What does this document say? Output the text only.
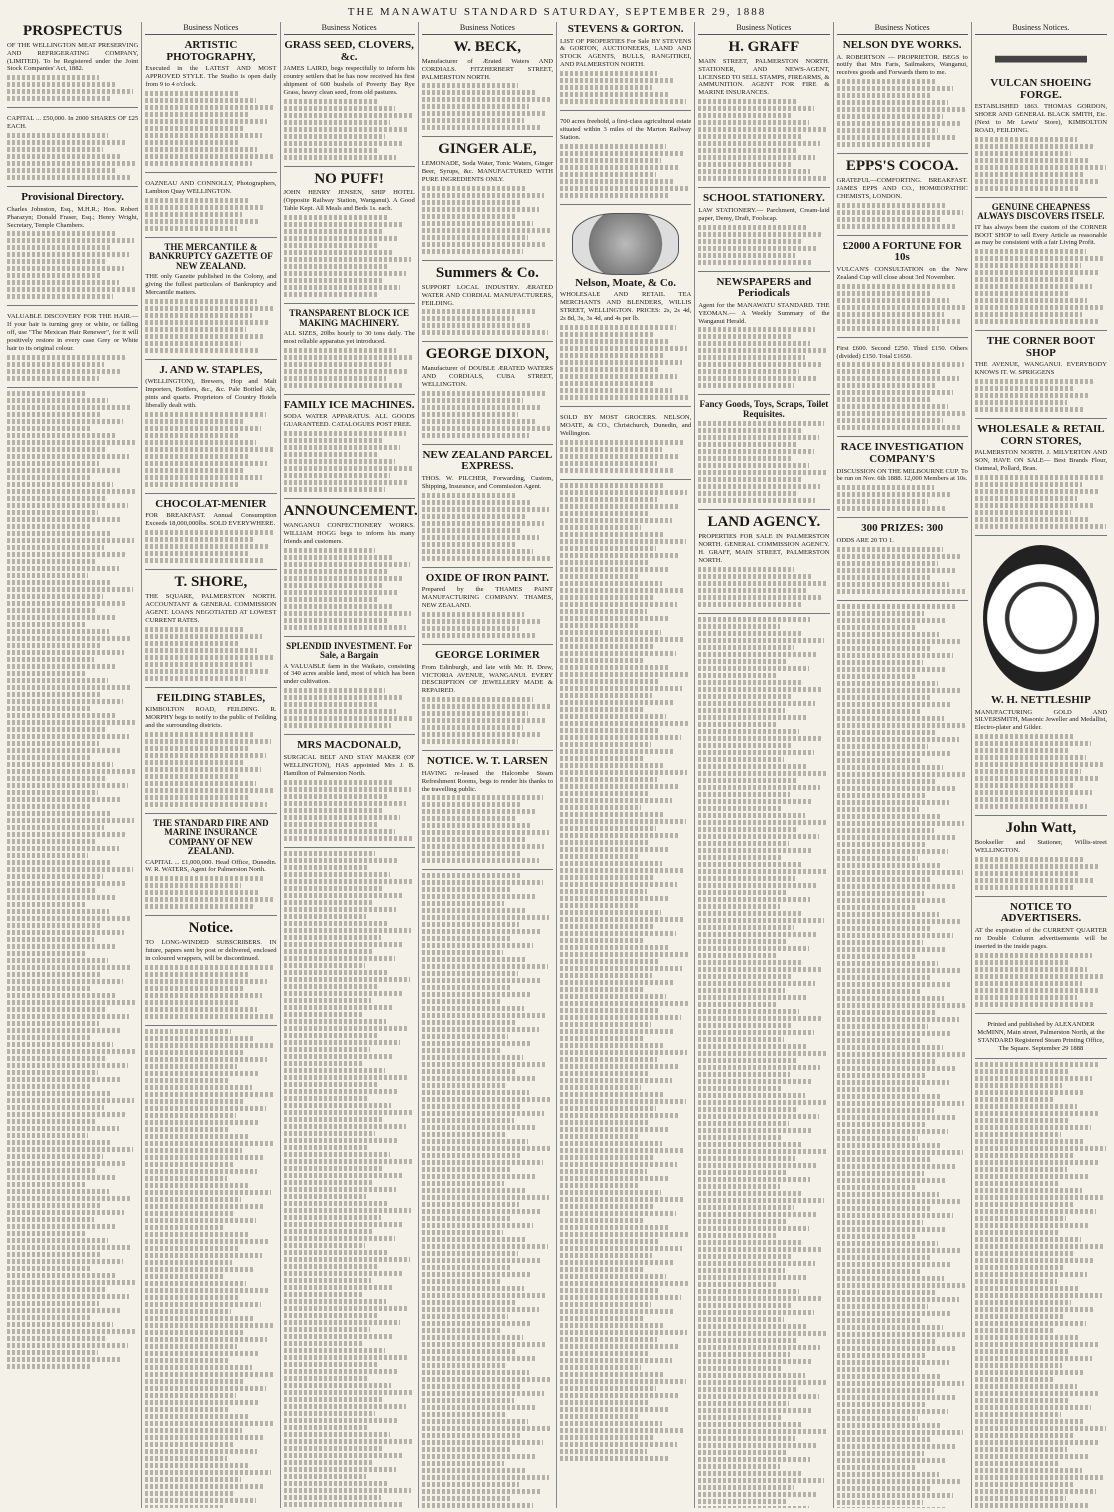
THE MANAWATU STANDARD SATURDAY, SEPTEMBER 29, 1888
PROSPECTUS
OF THE WELLINGTON MEAT PRESERVING AND REFRIGERATING COMPANY, (LIMITED). To be Registered under the Joint Stock Companies' Act, 1882.
CAPITAL ... £50,000. In 2000 SHARES OF £25 EACH.
Provisional Directory.
Charles Johnston, Esq., M.H.R.; Hon. Robert Pharazyn; Donald Fraser, Esq.; Henry Wright, Secretary, Temple Chambers.
VALUABLE DISCOVERY FOR THE HAIR.—If your hair is turning grey or white, or falling off, use "The Mexican Hair Renewer", for it will positively restore in every case Grey or White hair to its original colour.
Business Notices
ARTISTIC PHOTOGRAPHY,
Executed in the LATEST AND MOST APPROVED STYLE. The Studio is open daily from 9 to 4 o'clock.
OAZNEAU AND CONNOLLY, Photographers, Lambton Quay WELLINGTON.
THE MERCANTILE & BANKRUPTCY GAZETTE OF NEW ZEALAND.
THE only Gazette published in the Colony, and giving the fullest particulars of Bankruptcy and Mercantile matters.
J. AND W. STAPLES,
(WELLINGTON), Brewers, Hop and Malt Importers, Bottlers, &c., &c. Pale Bottled Ale, pints and quarts. Proprietors of Country Hotels liberally dealt with.
CHOCOLAT-MENIER
FOR BREAKFAST. Annual Consumption Exceeds 18,000,000lbs. SOLD EVERYWHERE.
T. SHORE,
THE SQUARE, PALMERSTON NORTH. ACCOUNTANT & GENERAL COMMISSION AGENT. LOANS NEGOTIATED AT LOWEST CURRENT RATES.
FEILDING STABLES,
KIMBOLTON ROAD, FEILDING. R. MORPHY begs to notify to the public of Feilding and the surrounding districts.
THE STANDARD FIRE AND MARINE INSURANCE COMPANY OF NEW ZEALAND.
CAPITAL ... £1,000,000. Head Office, Dunedin. W. R. WATERS, Agent for Palmerston North.
Notice.
TO LONG-WINDED SUBSCRIBERS. IN future, papers sent by post or delivered, enclosed in coloured wrappers, will be discontinued.
Business Notices
GRASS SEED, CLOVERS, &c.
JAMES LAIRD, begs respectfully to inform his country settlers that he has now received his first shipment of 600 bushels of Poverty Bay Rye Grass, heavy clean seed, from old pastures.
NO PUFF!
JOHN HENRY JENSEN, SHIP HOTEL (Opposite Railway Station, Wanganui). A Good Table Kept. All Meals and Beds 1s. each.
TRANSPARENT BLOCK ICE MAKING MACHINERY.
ALL SIZES, 20lbs hourly to 30 tons daily. The most reliable apparatus yet introduced.
FAMILY ICE MACHINES.
SODA WATER APPARATUS. ALL GOODS GUARANTEED. CATALOGUES POST FREE.
ANNOUNCEMENT.
WANGANUI CONFECTIONERY WORKS. WILLIAM HOGG begs to inform his many friends and customers.
SPLENDID INVESTMENT. For Sale, a Bargain
A VALUABLE farm in the Waikato, consisting of 340 acres arable land, most of which has been under cultivation.
MRS MACDONALD,
SURGICAL BELT AND STAY MAKER (OF WELLINGTON), HAS appointed Mrs J. B. Hamilton of Palmerston North.
Business Notices
W. BECK,
Manufacturer of Ærated Waters AND CORDIALS. FITZHERBERT STREET, PALMERSTON NORTH.
GINGER ALE,
LEMONADE, Soda Water, Tonic Waters, Ginger Beer, Syrups, &c. MANUFACTURED WITH PURE INGREDIENTS ONLY.
Summers & Co.
SUPPORT LOCAL INDUSTRY. ÆRATED WATER AND CORDIAL MANUFACTURERS, FEILDING.
GEORGE DIXON,
Manufacturer of DOUBLE ÆRATED WATERS AND CORDIALS, CUBA STREET, WELLINGTON.
NEW ZEALAND PARCEL EXPRESS.
THOS. W. PILCHER, Forwarding, Custom, Shipping, Insurance, and Commission Agent.
OXIDE OF IRON PAINT.
Prepared by the THAMES PAINT MANUFACTURING COMPANY. THAMES, NEW ZEALAND.
GEORGE LORIMER
From Edinburgh, and late with Mr. H. Drew, VICTORIA AVENUE, WANGANUI. EVERY DESCRIPTION OF JEWELLERY MADE & REPAIRED.
NOTICE. W. T. LARSEN
HAVING re-leased the Halcombe Steam Refreshment Rooms, begs to render his thanks to the travelling public.
STEVENS & GORTON.
LIST OF PROPERTIES For Sale BY STEVENS & GORTON, AUCTIONEERS, LAND AND STOCK AGENTS, BULLS, RANGITIKEI, AND PALMERSTON NORTH.
700 acres freehold, a first-class agricultural estate situated within 3 miles of the Marton Railway Station.
Nelson, Moate, & Co.
WHOLESALE AND RETAIL TEA MERCHANTS AND BLENDERS, WILLIS STREET, WELLINGTON. PRICES: 2s, 2s 4d, 2s 8d, 3s, 3s 4d, and 4s per lb.
SOLD BY MOST GROCERS. NELSON, MOATE, & CO., Christchurch, Dunedin, and Wellington.
Business Notices
H. GRAFF
MAIN STREET, PALMERSTON NORTH. STATIONER, AND NEWS-AGENT, LICENSED TO SELL STAMPS, FIREARMS, & AMMUNITION. AGENT FOR FIRE & MARINE INSURANCES.
SCHOOL STATIONERY.
LAW STATIONERY.— Parchment, Cream-laid paper, Demy, Draft, Foolscap.
NEWSPAPERS and Periodicals
Agent for the MANAWATU STANDARD. THE YEOMAN.— A Weekly Summary of the Wanganui Herald.
Fancy Goods, Toys, Scraps, Toilet Requisites.
LAND AGENCY.
PROPERTIES FOR SALE IN PALMERSTON NORTH. GENERAL COMMISSION AGENCY. H. GRAFF, MAIN STREET, PALMERSTON NORTH.
Business Notices
NELSON DYE WORKS.
A. ROBERTSON — PROPRIETOR. BEGS to notify that Mrs Faris, Sailmakers, Wanganui, receives goods and Forwards them to me.
EPPS'S COCOA.
GRATEFUL—COMFORTING. BREAKFAST. JAMES EPPS AND CO., HOMŒOPATHIC CHEMISTS, LONDON.
£2000 A FORTUNE FOR 10s
VULCAN'S CONSULTATION on the New Zealand Cup will close about 3rd November.
First £600. Second £250. Third £150. Others (divided) £150. Total £1650.
RACE INVESTIGATION COMPANY'S
DISCUSSION ON THE MELBOURNE CUP. To be run on Nov. 6th 1888. 12,000 Members at 10s.
300 PRIZES: 300
ODDS ARE 20 TO 1.
Business Notices.
VULCAN SHOEING FORGE.
ESTABLISHED 1863. THOMAS GORDON, SHOER AND GENERAL BLACK SMITH, Etc. (Next to Mr Lewis' Store), KIMBOLTON ROAD, FEILDING.
GENUINE CHEAPNESS ALWAYS DISCOVERS ITSELF.
IT has always been the custom of the CORNER BOOT SHOP to sell Every Article as reasonable as may be consistent with a fair Living Profit.
THE CORNER BOOT SHOP
THE AVENUE, WANGANUI. EVERYBODY KNOWS IT. W. SPRIGGENS
WHOLESALE & RETAIL CORN STORES,
PALMERSTON NORTH. J. MILVERTON AND SON, HAVE ON SALE— Best Brands Flour, Oatmeal, Pollard, Bran.
W. H. NETTLESHIP
MANUFACTURING GOLD AND SILVERSMITH, Masonic Jeweller and Medallist, Electro-plater and Gilder.
John Watt,
Bookseller and Stationer, Willis-street WELLINGTON.
NOTICE TO ADVERTISERS.
AT the expiration of the CURRENT QUARTER no Double Column advertisements will be inserted in the inside pages.
Printed and published by ALEXANDER McMINN, Main street, Palmerston North, at the STANDARD Registered Steam Printing Office, The Square. September 29 1888
